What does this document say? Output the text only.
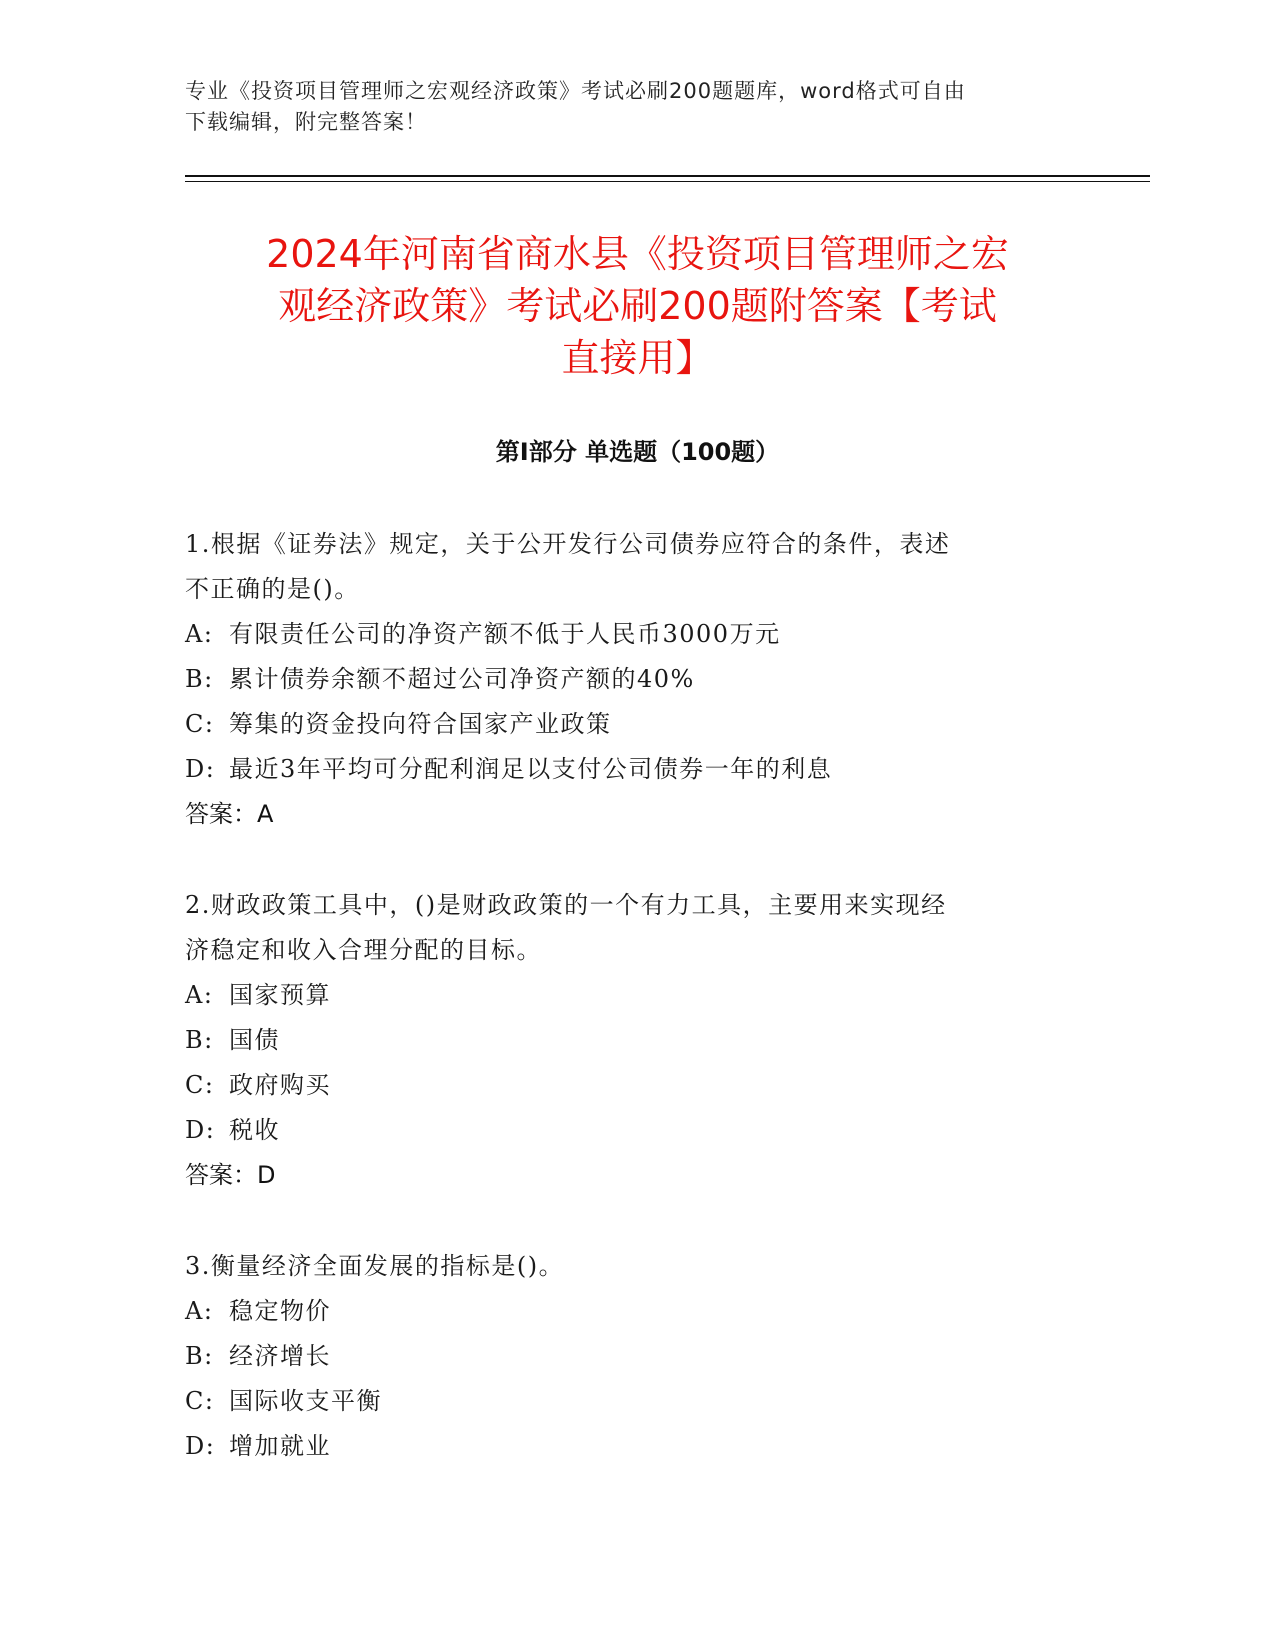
专业《投资项目管理师之宏观经济政策》考试必刷200题题库，word格式可自由
下载编辑，附完整答案！
2024年河南省商水县《投资项目管理师之宏
观经济政策》考试必刷200题附答案【考试
直接用】
第Ⅰ部分 单选题（100题）

1.根据《证券法》规定，关于公开发行公司债券应符合的条件，表述
不正确的是()。

A: 有限责任公司的净资产额不低于人民币3000万元

B: 累计债券余额不超过公司净资产额的40%

C: 筹集的资金投向符合国家产业政策

D: 最近3年平均可分配利润足以支付公司债券一年的利息

答案：A

2.财政政策工具中，()是财政政策的一个有力工具，主要用来实现经
济稳定和收入合理分配的目标。

A: 国家预算

B: 国债

C: 政府购买

D: 税收

答案：D

3.衡量经济全面发展的指标是()。

A: 稳定物价

B: 经济增长

C: 国际收支平衡

D: 增加就业
